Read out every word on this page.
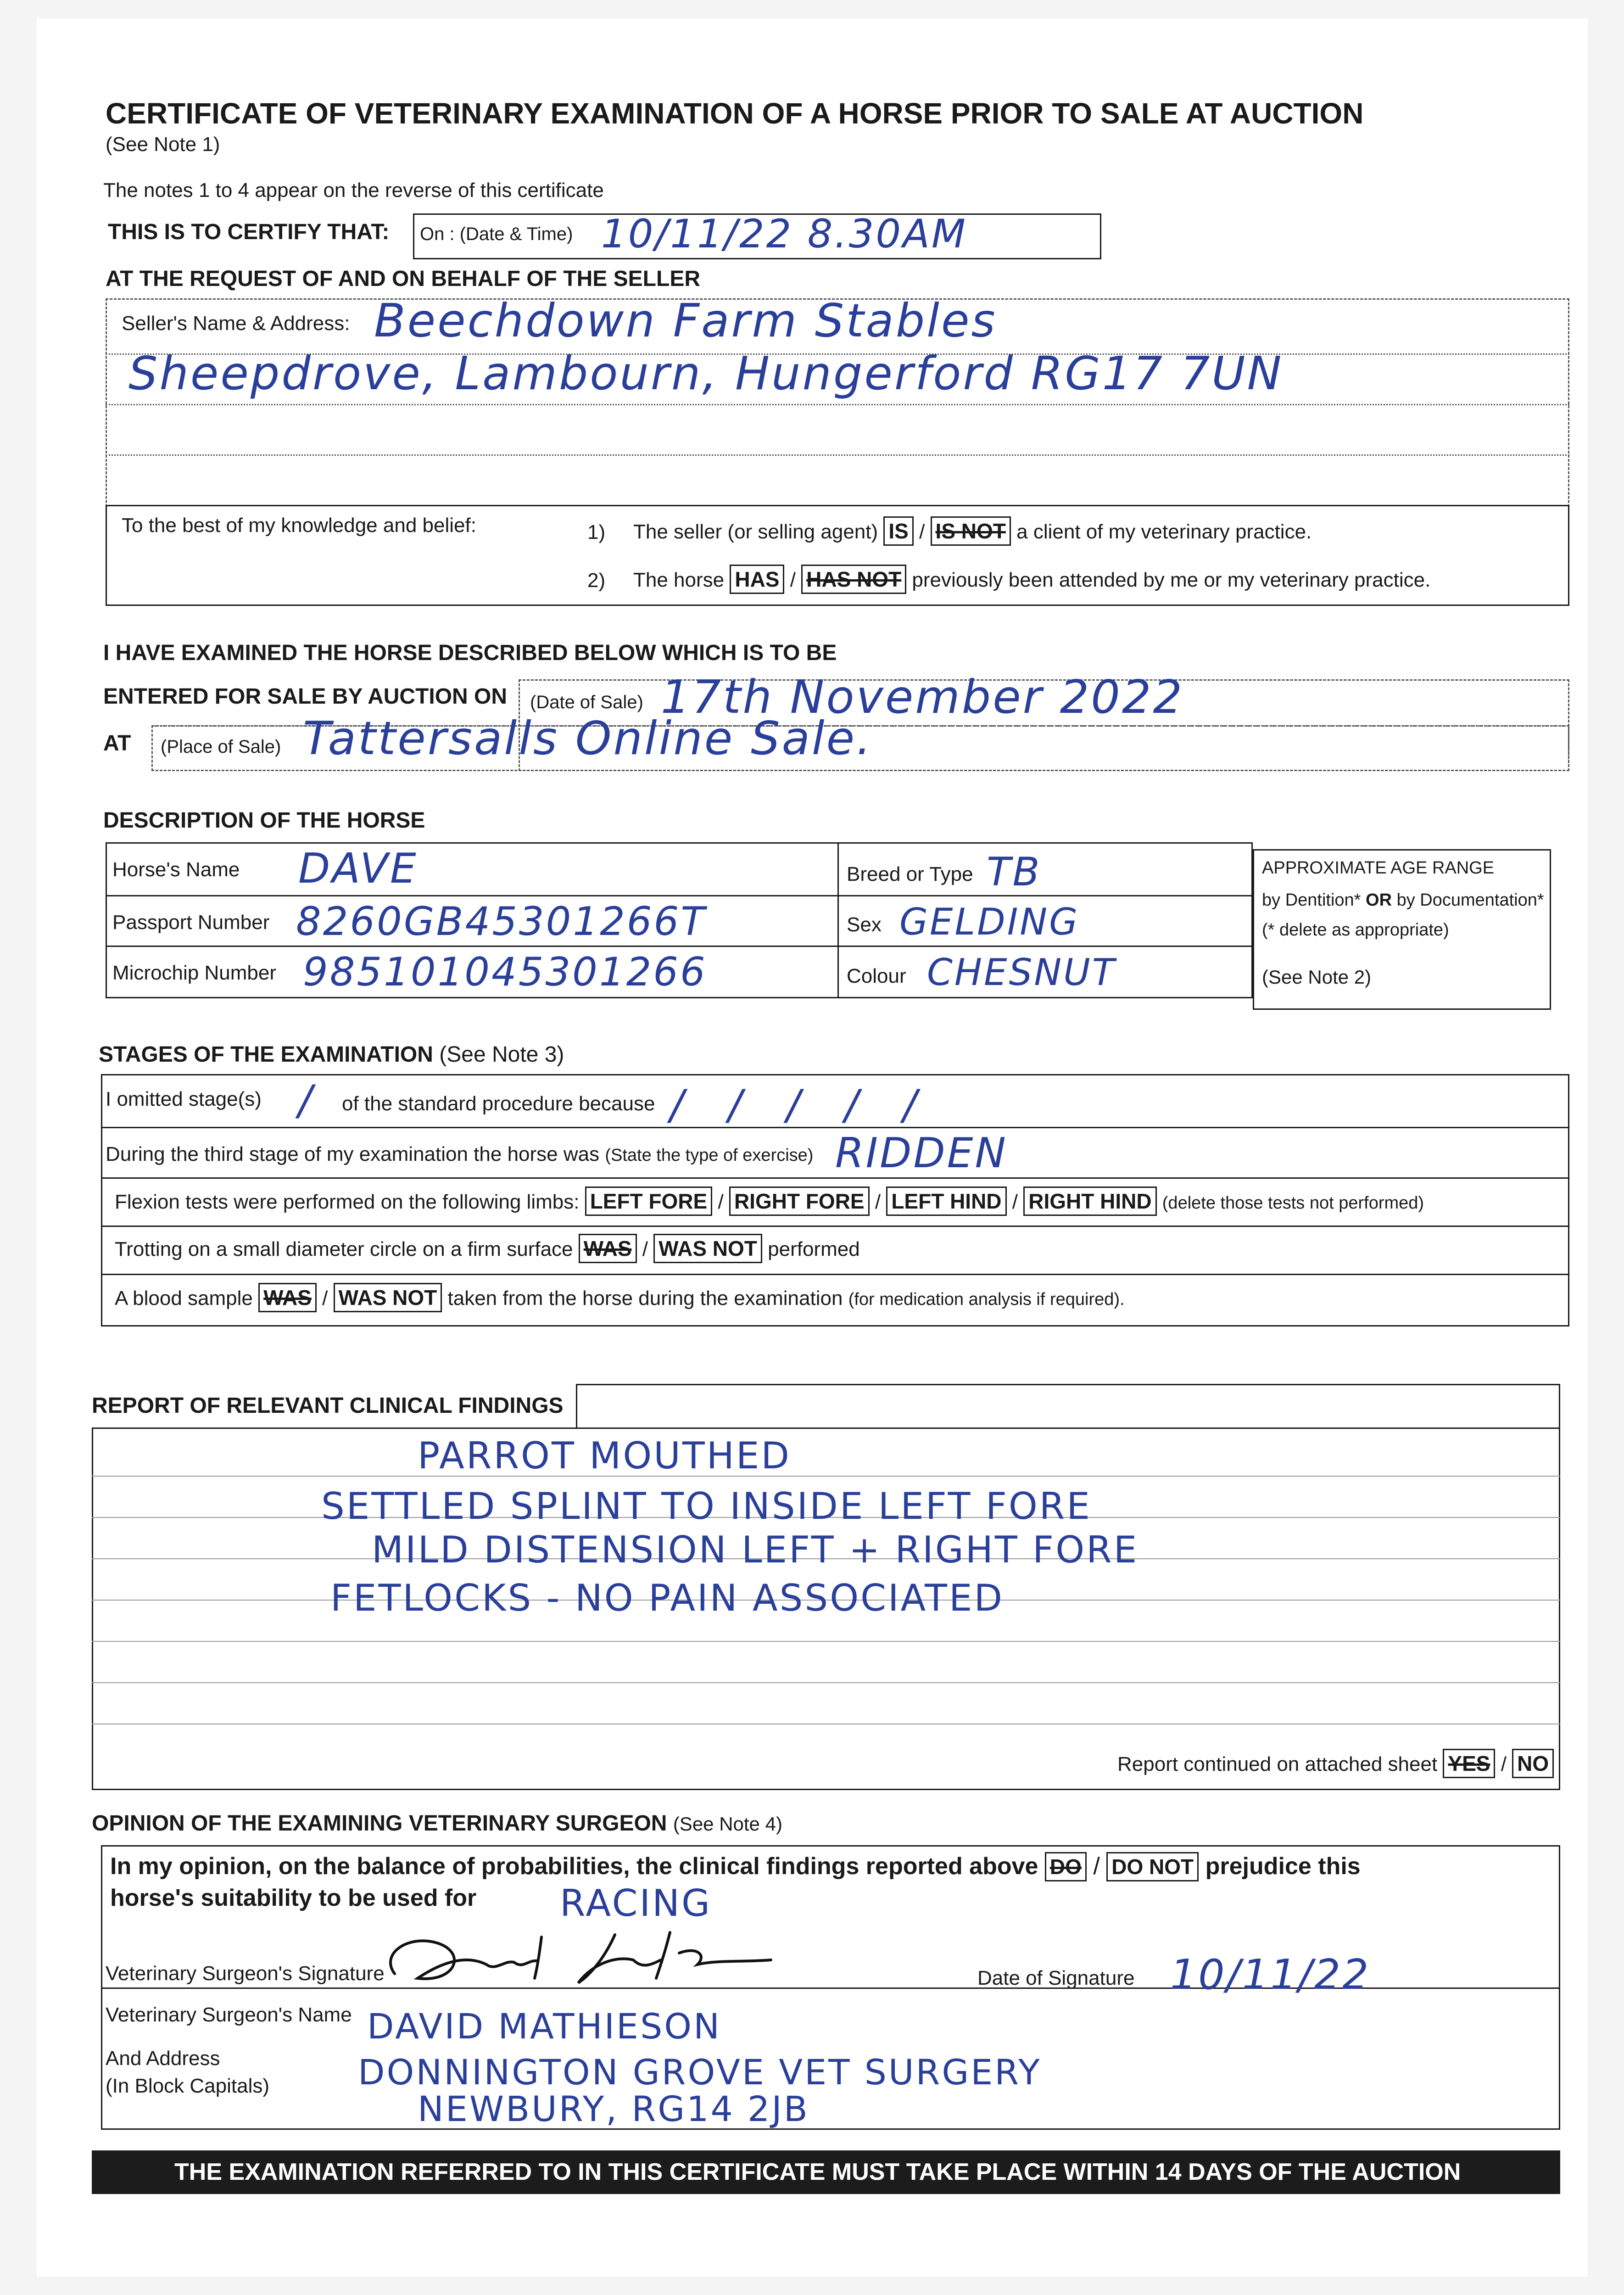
CERTIFICATE OF VETERINARY EXAMINATION OF A HORSE PRIOR TO SALE AT AUCTION
(See Note 1)
The notes 1 to 4 appear on the reverse of this certificate
THIS IS TO CERTIFY THAT: On : (Date & Time) 10/11/22 8.30AM
AT THE REQUEST OF AND ON BEHALF OF THE SELLER
Seller's Name & Address: Beechdown Farm Stables
Sheepdrove, Lambourn, Hungerford RG17 7UN
To the best of my knowledge and belief:	1) The seller (or selling agent) IS / IS NOT a client of my veterinary practice.
2) The horse HAS / HAS NOT previously been attended by me or my veterinary practice.
I HAVE EXAMINED THE HORSE DESCRIBED BELOW WHICH IS TO BE
ENTERED FOR SALE BY AUCTION ON (Date of Sale) 17th November 2022
AT (Place of Sale) Tattersalls Online Sale.
DESCRIPTION OF THE HORSE
Horse's Name DAVE
Passport Number 8260GB45301266T
Microchip Number 985101045301266
Breed or Type TB
Sex GELDING
Colour CHESNUT
APPROXIMATE AGE RANGE
by Dentition* OR by Documentation*
(* delete as appropriate)
(See Note 2)
STAGES OF THE EXAMINATION (See Note 3)
I omitted stage(s) / of the standard procedure because / / / / /
During the third stage of my examination the horse was (State the type of exercise) RIDDEN
Flexion tests were performed on the following limbs: LEFT FORE / RIGHT FORE / LEFT HIND / RIGHT HIND (delete those tests not performed)
Trotting on a small diameter circle on a firm surface WAS / WAS NOT performed
A blood sample WAS / WAS NOT taken from the horse during the examination (for medication analysis if required).
REPORT OF RELEVANT CLINICAL FINDINGS
PARROT MOUTHED
SETTLED SPLINT TO INSIDE LEFT FORE
MILD DISTENSION LEFT + RIGHT FORE
FETLOCKS - NO PAIN ASSOCIATED
Report continued on attached sheet YES / NO
OPINION OF THE EXAMINING VETERINARY SURGEON (See Note 4)
In my opinion, on the balance of probabilities, the clinical findings reported above DO / DO NOT prejudice this
horse's suitability to be used for RACING
Veterinary Surgeon's Signature	Date of Signature 10/11/22
Veterinary Surgeon's Name DAVID MATHIESON
And Address
(In Block Capitals)	DONNINGTON GROVE VET SURGERY
NEWBURY, RG14 2JB
THE EXAMINATION REFERRED TO IN THIS CERTIFICATE MUST TAKE PLACE WITHIN 14 DAYS OF THE AUCTION
